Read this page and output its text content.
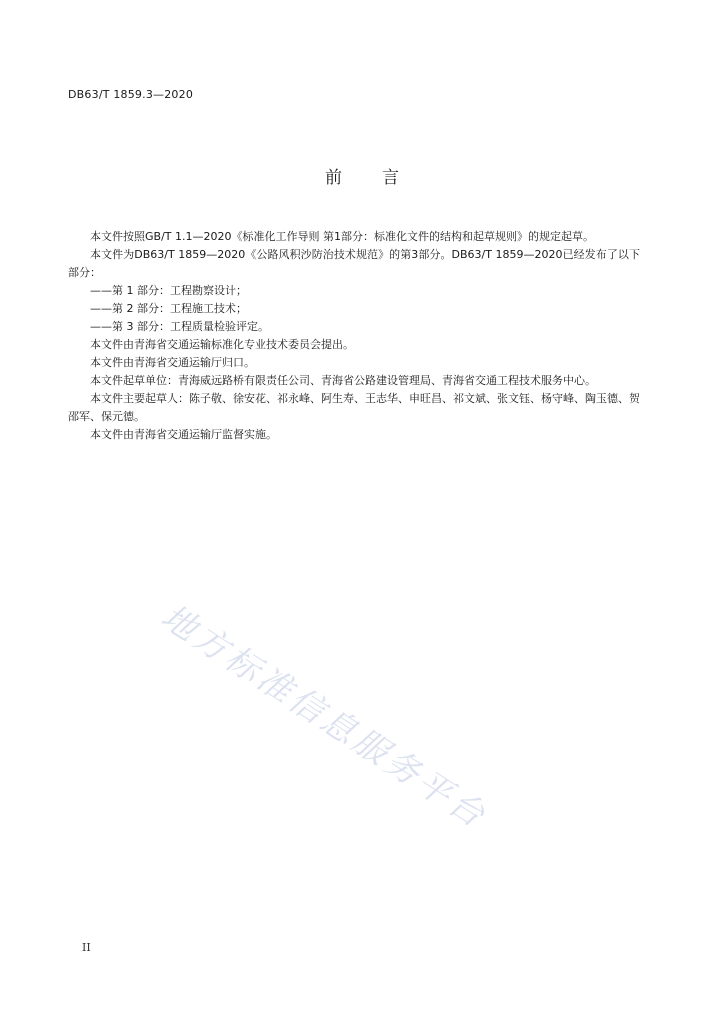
DB63/T 1859.3—2020
前 言

本文件按照GB/T 1.1—2020《标准化工作导则 第1部分：标准化文件的结构和起草规则》的规定起草。

本文件为DB63/T 1859—2020《公路风积沙防治技术规范》的第3部分。DB63/T 1859—2020已经发布了以下部分：

——第 1 部分：工程勘察设计；

——第 2 部分：工程施工技术；

——第 3 部分：工程质量检验评定。

本文件由青海省交通运输标准化专业技术委员会提出。

本文件由青海省交通运输厅归口。

本文件起草单位：青海威远路桥有限责任公司、青海省公路建设管理局、青海省交通工程技术服务中心。

本文件主要起草人：陈子敬、徐安花、祁永峰、阿生寿、王志华、申旺昌、祁文斌、张文钰、杨守峰、陶玉德、贺邵军、保元德。

本文件由青海省交通运输厅监督实施。

地方标准信息服务平台
II
